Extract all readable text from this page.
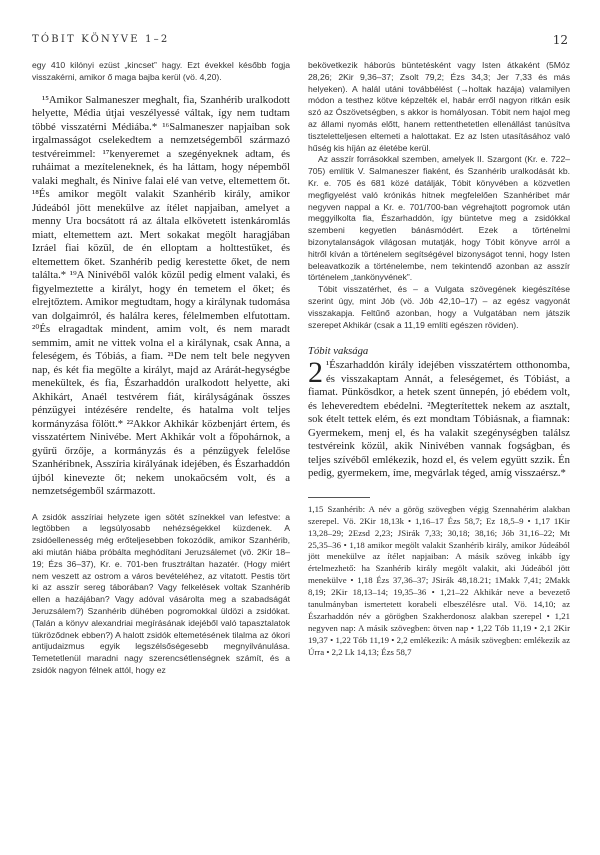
TÓBIT KÖNYVE 1–2	12

egy 410 kilónyi ezüst „kincset” hagy. Ezt évekkel később fogja visszakérni, amikor ő maga bajba kerül (vö. 4,20).

¹⁵Amikor Salmaneszer meghalt, fia, Szanhérib uralkodott helyette, Média útjai veszélyessé váltak, így nem tudtam többé visszatérni Médiába.* ¹⁶Salmaneszer napjaiban sok irgalmasságot cselekedtem a nemzetségemből származó testvéreimmel: ¹⁷kenyeremet a szegényeknek adtam, és ruháimat a mezíteleneknek, és ha láttam, hogy népemből valaki meghalt, és Ninive falai elé van vetve, eltemettem őt. ¹⁸És amikor megölt valakit Szanhérib király, amikor Júdeából jött menekülve az ítélet napjaiban, amelyet a menny Ura bocsátott rá az általa elkövetett istenkáromlás miatt, eltemettem azt. Mert sokakat megölt haragjában Izráel fiai közül, de én elloptam a holttestüket, és eltemettem őket. Szanhérib pedig kerestette őket, de nem találta.* ¹⁹A Ninivéből valók közül pedig elment valaki, és figyelmeztette a királyt, hogy én temetem el őket; és elrejtőztem. Amikor megtudtam, hogy a királynak tudomása van dolgaimról, és halálra keres, félelmemben elfutottam. ²⁰És elragadtak mindent, amim volt, és nem maradt semmim, amit ne vittek volna el a királynak, csak Anna, a feleségem, és Tóbiás, a fiam. ²¹De nem telt bele negyven nap, és két fia megölte a királyt, majd az Arárát-hegységbe menekültek, és fia, Észarhaddón uralkodott helyette, aki Akhikárt, Anaél testvérem fiát, királyságának összes pénzügyei intézésére rendelte, és hatalma volt teljes kormányzása fölött.* ²²Akkor Akhikár közbenjárt értem, és visszatértem Ninivébe. Mert Akhikár volt a főpohárnok, a gyűrű őrzője, a kormányzás és a pénzügyek felelőse Szanhéribnek, Asszíria királyának idejében, és Észarhaddón újból kinevezte őt; nekem unokaöcsém volt, és a nemzetségemből származott.

A zsidók asszíriai helyzete igen sötét színekkel van lefestve: a legtöbben a legsúlyosabb nehézségekkel küzdenek. A zsidóellenesség még erőteljesebben fokozódik, amikor Szanhérib, aki miután hiába próbálta meghódítani Jeruzsálemet (vö. 2Kir 18–19; Ézs 36–37), Kr. e. 701-ben frusztráltan hazatér. (Hogy miért nem veszett az ostrom a város bevételéhez, az vitatott. Pestis tört ki az asszír sereg táborában? Vagy felkelések voltak Szanhérib ellen a hazájában? Vagy adóval vásárolta meg a szabadságát Jeruzsálem?) Szanhérib dühében pogromokkal üldözi a zsidókat. (Talán a könyv alexandriai megírásának idejéből való tapasztalatok tükröződnek ebben?) A halott zsidók eltemetésének tilalma az ókori antijudaizmus egyik legszélsőségesebb megnyilvánulása. Temetetlenül maradni nagy szerencsétlenségnek számít, és a zsidók nagyon félnek attól, hogy ez

bekövetkezik háborús büntetésként vagy Isten átkaként (5Móz 28,26; 2Kir 9,36–37; Zsolt 79,2; Ézs 34,3; Jer 7,33 és más helyeken). A halál utáni továbbélést (→holtak hazája) valamilyen módon a testhez kötve képzelték el, habár erről nagyon ritkán esik szó az Ószövetségben, s akkor is homályosan. Tóbit nem hajol meg az állami nyomás előtt, hanem rettenthetetlen ellenállást tanúsítva tiszteletteljesen eltemeti a halottakat. Ez az Isten utasításához való hűség kis híján az életébe kerül.

Az asszír forrásokkal szemben, amelyek II. Szargont (Kr. e. 722–705) említik V. Salmaneszer fiaként, és Szanhérib uralkodását kb. Kr. e. 705 és 681 közé datálják, Tóbit könyvében a közvetlen megfigyelést való krónikás hitnek megfelelően Szanhéribet már negyven nappal a Kr. e. 701/700-ban végrehajtott pogromok után meggyilkolta fia, Észarhaddón, így büntetve meg a zsidókkal szembeni kegyetlen bánásmódért. Ezek a történelmi bizonytalanságok világosan mutatják, hogy Tóbit könyve arról a hitről kíván a történelem segítségével bizonyságot tenni, hogy Isten beleavatkozik a történelembe, nem tekintendő azonban az asszír történelem „tankönyvének”.

Tóbit visszatérhet, és – a Vulgata szövegének kiegészítése szerint úgy, mint Jób (vö. Jób 42,10–17) – az egész vagyonát visszakapja. Feltűnő azonban, hogy a Vulgatában nem játszik szerepet Akhikár (csak a 11,19 említi egészen röviden).

Tóbit vaksága
2 ¹Észarhaddón király idejében visszatértem otthonomba, és visszakaptam Annát, a feleségemet, és Tóbiást, a fiamat. Pünkösdkor, a hetek szent ünnepén, jó ebédem volt, és leheveredtem ebédelni. ²Megterítettek nekem az asztalt, sok ételt tettek elém, és ezt mondtam Tóbiásnak, a fiamnak: Gyermekem, menj el, és ha valakit szegénységben találsz testvéreink közül, akik Ninivében vannak fogságban, és teljes szívéből emlékezik, hozd el, és velem együtt szzik. Én pedig, gyermekem, íme, megvárlak téged, amíg visszaérsz.*

1,15 Szanhérib: A név a görög szövegben végig Szennahérim alakban szerepel. Vö. 2Kir 18,13k • 1,16–17 Ézs 58,7; Ez 18,5–9 • 1,17 1Kir 13,28–29; 2Ezsd 2,23; JSirák 7,33; 30,18; 38,16; Jób 31,16–22; Mt 25,35–36 • 1,18 amikor megölt valakit Szanhérib király, amikor Júdeából jött menekülve az ítélet napjaiban: A másik szöveg inkább így értelmezhető: ha Szanhérib király megölt valakit, aki Júdeából jött menekülve • 1,18 Ézs 37,36–37; JSirák 48,18.21; 1Makk 7,41; 2Makk 8,19; 2Kir 18,13–14; 19,35–36 • 1,21–22 Akhikár neve a bevezető tanulmányban ismertetett korabeli elbeszélésre utal. Vö. 14,10; az Észarhaddón név a görögben Szakherdonosz alakban szerepel • 1,21 negyven nap: A másik szövegben: ötven nap • 1,22 Tób 11,19 • 2,1 2Kir 19,37 • 1,22 Tób 11,19 • 2,2 emlékezik: A másik szövegben: emlékezik az Úrra • 2,2 Lk 14,13; Ézs 58,7
